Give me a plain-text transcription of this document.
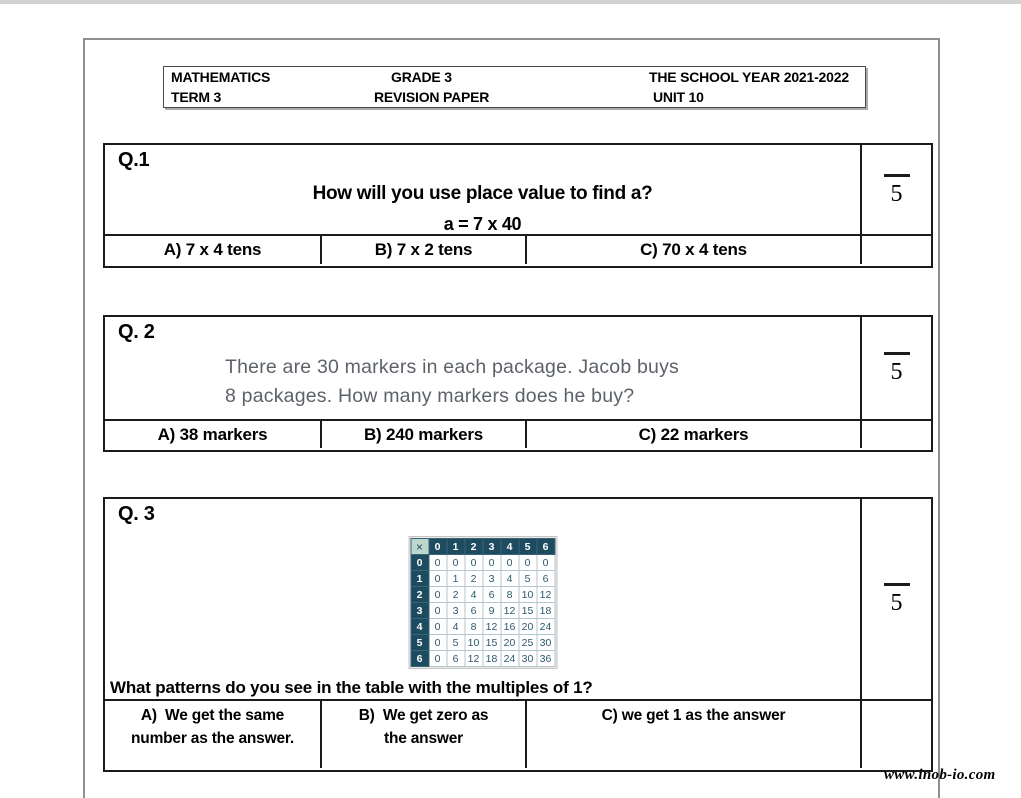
MATHEMATICS	GRADE 3	THE SCHOOL YEAR 2021-2022
TERM 3	REVISION PAPER	UNIT 10
Q.1
How will you use place value to find a?
a = 7 x 40
5
A) 7 x 4 tens	B) 7 x 2 tens	C) 70 x 4 tens
Q. 2
There are 30 markers in each package. Jacob buys
8 packages. How many markers does he buy?
5
A) 38 markers	B) 240 markers	C) 22 markers
Q. 3
×	0	1	2	3	4	5	6
0	0	0	0	0	0	0	0
1	0	1	2	3	4	5	6
2	0	2	4	6	8	10	12
3	0	3	6	9	12	15	18
4	0	4	8	12	16	20	24
5	0	5	10	15	20	25	30
6	0	6	12	18	24	30	36
What patterns do you see in the table with the multiples of 1?
5
A)  We get the same number as the answer.
B)  We get zero as the answer
C) we get 1 as the answer
www.inob-io.com
